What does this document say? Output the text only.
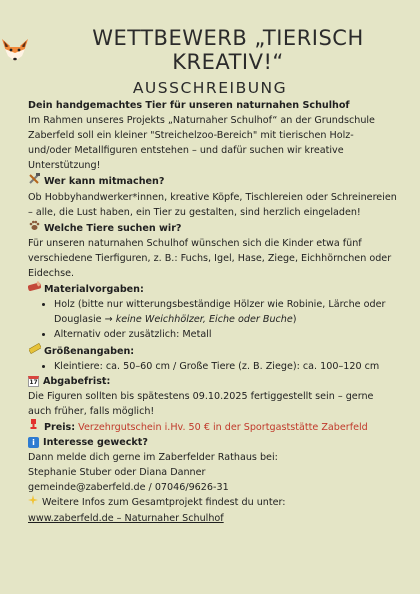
WETTBEWERB „TIERISCH KREATIV!“
AUSSCHREIBUNG

Dein handgemachtes Tier für unseren naturnahen Schulhof

Im Rahmen unseres Projekts „Naturnaher Schulhof“ an der Grundschule Zaberfeld soll ein kleiner "Streichelzoo-Bereich" mit tierischen Holz- und/oder Metallfiguren entstehen – und dafür suchen wir kreative Unterstützung!

Wer kann mitmachen?

Ob Hobbyhandwerker*innen, kreative Köpfe, Tischlereien oder Schreinereien – alle, die Lust haben, ein Tier zu gestalten, sind herzlich eingeladen!

Welche Tiere suchen wir?

Für unseren naturnahen Schulhof wünschen sich die Kinder etwa fünf verschiedene Tierfiguren, z. B.: Fuchs, Igel, Hase, Ziege, Eichhörnchen oder Eidechse.

Materialvorgaben:

• Holz (bitte nur witterungsbeständige Hölzer wie Robinie, Lärche oder Douglasie → keine Weichhölzer, Eiche oder Buche)
• Alternativ oder zusätzlich: Metall

Größenangaben:

• Kleintiere: ca. 50–60 cm / Große Tiere (z. B. Ziege): ca. 100–120 cm

17 Abgabefrist:

Die Figuren sollten bis spätestens 09.10.2025 fertiggestellt sein – gerne auch früher, falls möglich!

Preis: Verzehrgutschein i.Hv. 50 € in der Sportgaststätte Zaberfeld

i Interesse geweckt?

Dann melde dich gerne im Zaberfelder Rathaus bei:

Stephanie Stuber oder Diana Danner

gemeinde@zaberfeld.de / 07046/9626-31

Weitere Infos zum Gesamtprojekt findest du unter:

www.zaberfeld.de – Naturnaher Schulhof
